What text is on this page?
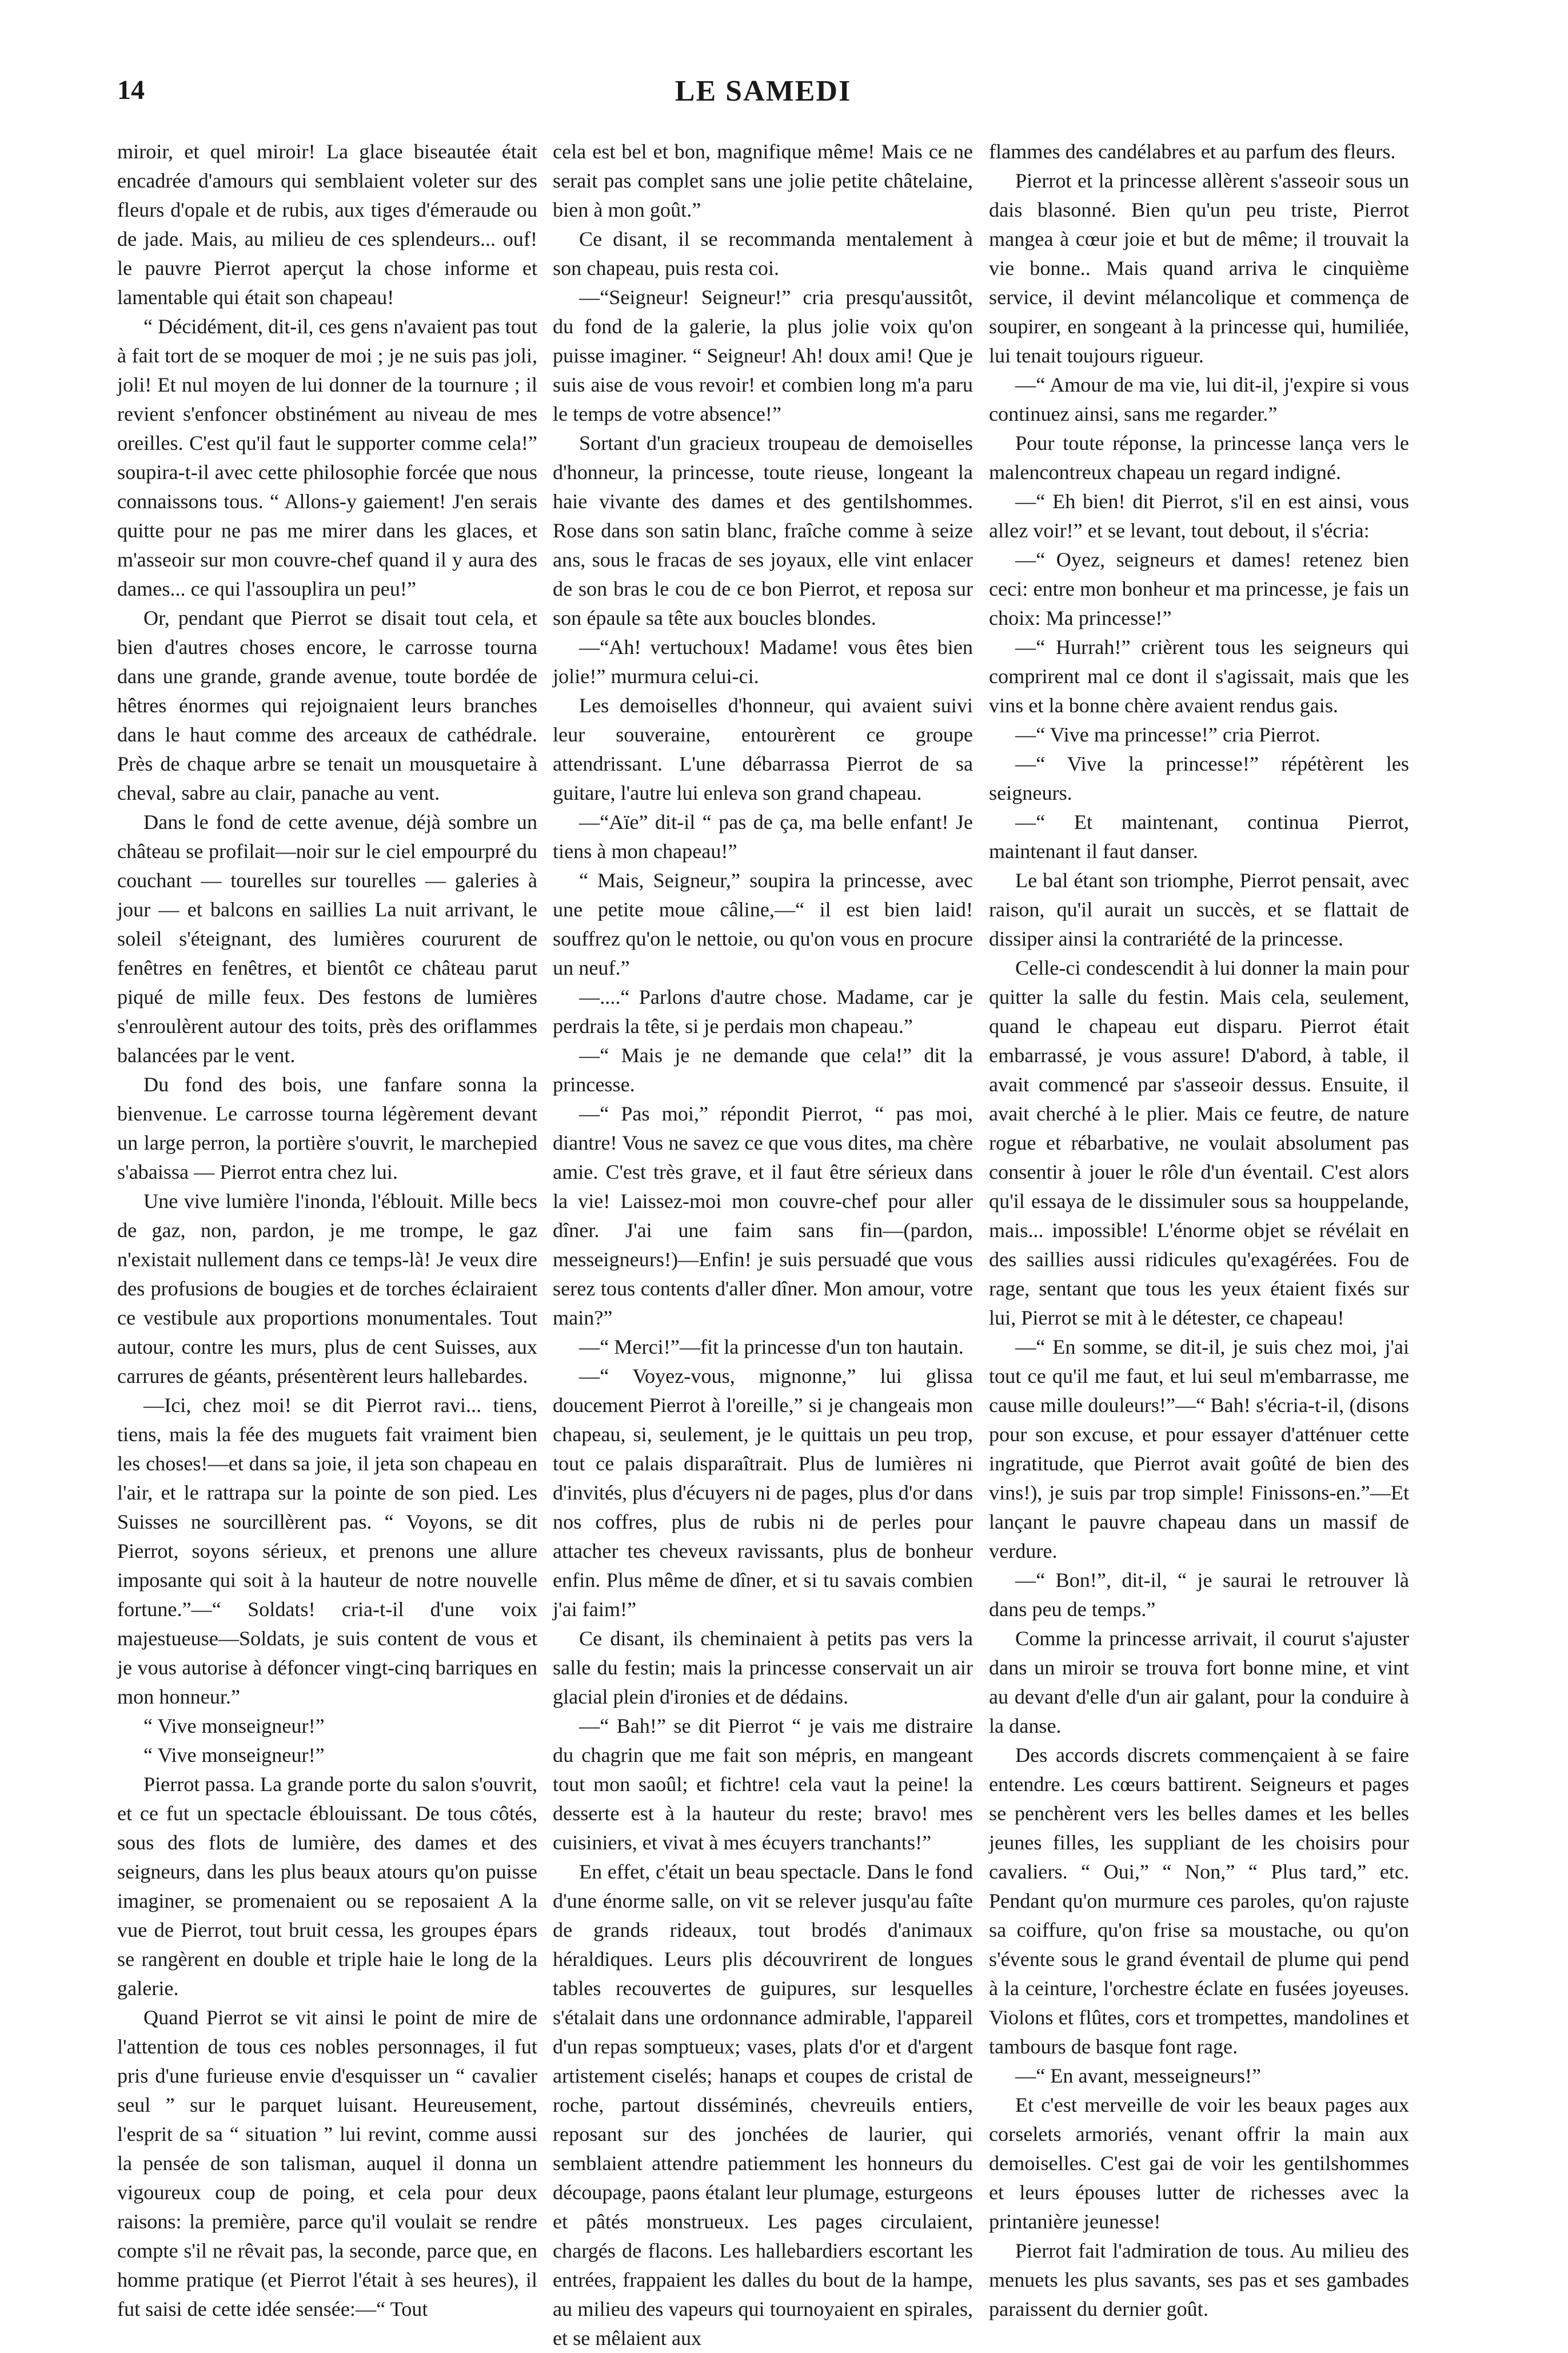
14	LE SAMEDI

miroir, et quel miroir! La glace biseautée était encadrée d'amours qui semblaient voleter sur des fleurs d'opale et de rubis, aux tiges d'émeraude ou de jade. Mais, au milieu de ces splendeurs... ouf! le pauvre Pierrot aperçut la chose informe et lamentable qui était son chapeau!

“ Décidément, dit-il, ces gens n'avaient pas tout à fait tort de se moquer de moi ; je ne suis pas joli, joli! Et nul moyen de lui donner de la tournure ; il revient s'enfoncer obstinément au niveau de mes oreilles. C'est qu'il faut le supporter comme cela!” soupira-t-il avec cette philosophie forcée que nous connaissons tous. “ Allons-y gaiement! J'en serais quitte pour ne pas me mirer dans les glaces, et m'asseoir sur mon couvre-chef quand il y aura des dames... ce qui l'assouplira un peu!”

Or, pendant que Pierrot se disait tout cela, et bien d'autres choses encore, le carrosse tourna dans une grande, grande avenue, toute bordée de hêtres énormes qui rejoignaient leurs branches dans le haut comme des arceaux de cathédrale. Près de chaque arbre se tenait un mousquetaire à cheval, sabre au clair, panache au vent.

Dans le fond de cette avenue, déjà sombre un château se profilait—noir sur le ciel empourpré du couchant — tourelles sur tourelles — galeries à jour — et balcons en saillies La nuit arrivant, le soleil s'éteignant, des lumières coururent de fenêtres en fenêtres, et bientôt ce château parut piqué de mille feux. Des festons de lumières s'enroulèrent autour des toits, près des oriflammes balancées par le vent.

Du fond des bois, une fanfare sonna la bienvenue. Le carrosse tourna légèrement devant un large perron, la portière s'ouvrit, le marchepied s'abaissa — Pierrot entra chez lui.

Une vive lumière l'inonda, l'éblouit. Mille becs de gaz, non, pardon, je me trompe, le gaz n'existait nullement dans ce temps-là! Je veux dire des profusions de bougies et de torches éclairaient ce vestibule aux proportions monumentales. Tout autour, contre les murs, plus de cent Suisses, aux carrures de géants, présentèrent leurs hallebardes.

—Ici, chez moi! se dit Pierrot ravi... tiens, tiens, mais la fée des muguets fait vraiment bien les choses!—et dans sa joie, il jeta son chapeau en l'air, et le rattrapa sur la pointe de son pied. Les Suisses ne sourcillèrent pas. “ Voyons, se dit Pierrot, soyons sérieux, et prenons une allure imposante qui soit à la hauteur de notre nouvelle fortune.”—“ Soldats! cria-t-il d'une voix majestueuse—Soldats, je suis content de vous et je vous autorise à défoncer vingt-cinq barriques en mon honneur.”

“ Vive monseigneur!”

“ Vive monseigneur!”

Pierrot passa. La grande porte du salon s'ouvrit, et ce fut un spectacle éblouissant. De tous côtés, sous des flots de lumière, des dames et des seigneurs, dans les plus beaux atours qu'on puisse imaginer, se promenaient ou se reposaient A la vue de Pierrot, tout bruit cessa, les groupes épars se rangèrent en double et triple haie le long de la galerie.

Quand Pierrot se vit ainsi le point de mire de l'attention de tous ces nobles personnages, il fut pris d'une furieuse envie d'esquisser un “ cavalier seul ” sur le parquet luisant. Heureusement, l'esprit de sa “ situation ” lui revint, comme aussi la pensée de son talisman, auquel il donna un vigoureux coup de poing, et cela pour deux raisons: la première, parce qu'il voulait se rendre compte s'il ne rêvait pas, la seconde, parce que, en homme pratique (et Pierrot l'était à ses heures), il fut saisi de cette idée sensée:—“ Tout

cela est bel et bon, magnifique même! Mais ce ne serait pas complet sans une jolie petite châtelaine, bien à mon goût.”

Ce disant, il se recommanda mentalement à son chapeau, puis resta coi.

—“Seigneur! Seigneur!” cria presqu'aussitôt, du fond de la galerie, la plus jolie voix qu'on puisse imaginer. “ Seigneur! Ah! doux ami! Que je suis aise de vous revoir! et combien long m'a paru le temps de votre absence!”

Sortant d'un gracieux troupeau de demoiselles d'honneur, la princesse, toute rieuse, longeant la haie vivante des dames et des gentilshommes. Rose dans son satin blanc, fraîche comme à seize ans, sous le fracas de ses joyaux, elle vint enlacer de son bras le cou de ce bon Pierrot, et reposa sur son épaule sa tête aux boucles blondes.

—“Ah! vertuchoux! Madame! vous êtes bien jolie!” murmura celui-ci.

Les demoiselles d'honneur, qui avaient suivi leur souveraine, entourèrent ce groupe attendrissant. L'une débarrassa Pierrot de sa guitare, l'autre lui enleva son grand chapeau.

—“Aïe” dit-il “ pas de ça, ma belle enfant! Je tiens à mon chapeau!”

“ Mais, Seigneur,” soupira la princesse, avec une petite moue câline,—“ il est bien laid! souffrez qu'on le nettoie, ou qu'on vous en procure un neuf.”

—....“ Parlons d'autre chose. Madame, car je perdrais la tête, si je perdais mon chapeau.”

—“ Mais je ne demande que cela!” dit la princesse.

—“ Pas moi,” répondit Pierrot, “ pas moi, diantre! Vous ne savez ce que vous dites, ma chère amie. C'est très grave, et il faut être sérieux dans la vie! Laissez-moi mon couvre-chef pour aller dîner. J'ai une faim sans fin—(pardon, messeigneurs!)—Enfin! je suis persuadé que vous serez tous contents d'aller dîner. Mon amour, votre main?”

—“ Merci!”—fit la princesse d'un ton hautain.

—“ Voyez-vous, mignonne,” lui glissa doucement Pierrot à l'oreille,” si je changeais mon chapeau, si, seulement, je le quittais un peu trop, tout ce palais disparaîtrait. Plus de lumières ni d'invités, plus d'écuyers ni de pages, plus d'or dans nos coffres, plus de rubis ni de perles pour attacher tes cheveux ravissants, plus de bonheur enfin. Plus même de dîner, et si tu savais combien j'ai faim!”

Ce disant, ils cheminaient à petits pas vers la salle du festin; mais la princesse conservait un air glacial plein d'ironies et de dédains.

—“ Bah!” se dit Pierrot “ je vais me distraire du chagrin que me fait son mépris, en mangeant tout mon saoûl; et fichtre! cela vaut la peine! la desserte est à la hauteur du reste; bravo! mes cuisiniers, et vivat à mes écuyers tranchants!”

En effet, c'était un beau spectacle. Dans le fond d'une énorme salle, on vit se relever jusqu'au faîte de grands rideaux, tout brodés d'animaux héraldiques. Leurs plis découvrirent de longues tables recouvertes de guipures, sur lesquelles s'étalait dans une ordonnance admirable, l'appareil d'un repas somptueux; vases, plats d'or et d'argent artistement ciselés; hanaps et coupes de cristal de roche, partout disséminés, chevreuils entiers, reposant sur des jonchées de laurier, qui semblaient attendre patiemment les honneurs du découpage, paons étalant leur plumage, esturgeons et pâtés monstrueux. Les pages circulaient, chargés de flacons. Les hallebardiers escortant les entrées, frappaient les dalles du bout de la hampe, au milieu des vapeurs qui tournoyaient en spirales, et se mêlaient aux

flammes des candélabres et au parfum des fleurs.

Pierrot et la princesse allèrent s'asseoir sous un dais blasonné. Bien qu'un peu triste, Pierrot mangea à cœur joie et but de même; il trouvait la vie bonne.. Mais quand arriva le cinquième service, il devint mélancolique et commença de soupirer, en songeant à la princesse qui, humiliée, lui tenait toujours rigueur.

—“ Amour de ma vie, lui dit-il, j'expire si vous continuez ainsi, sans me regarder.”

Pour toute réponse, la princesse lança vers le malencontreux chapeau un regard indigné.

—“ Eh bien! dit Pierrot, s'il en est ainsi, vous allez voir!” et se levant, tout debout, il s'écria:

—“ Oyez, seigneurs et dames! retenez bien ceci: entre mon bonheur et ma princesse, je fais un choix: Ma princesse!”

—“ Hurrah!” crièrent tous les seigneurs qui comprirent mal ce dont il s'agissait, mais que les vins et la bonne chère avaient rendus gais.

—“ Vive ma princesse!” cria Pierrot.

—“ Vive la princesse!” répétèrent les seigneurs.

—“ Et maintenant, continua Pierrot, maintenant il faut danser.

Le bal étant son triomphe, Pierrot pensait, avec raison, qu'il aurait un succès, et se flattait de dissiper ainsi la contrariété de la princesse.

Celle-ci condescendit à lui donner la main pour quitter la salle du festin. Mais cela, seulement, quand le chapeau eut disparu. Pierrot était embarrassé, je vous assure! D'abord, à table, il avait commencé par s'asseoir dessus. Ensuite, il avait cherché à le plier. Mais ce feutre, de nature rogue et rébarbative, ne voulait absolument pas consentir à jouer le rôle d'un éventail. C'est alors qu'il essaya de le dissimuler sous sa houppelande, mais... impossible! L'énorme objet se révélait en des saillies aussi ridicules qu'exagérées. Fou de rage, sentant que tous les yeux étaient fixés sur lui, Pierrot se mit à le détester, ce chapeau!

—“ En somme, se dit-il, je suis chez moi, j'ai tout ce qu'il me faut, et lui seul m'embarrasse, me cause mille douleurs!”—“ Bah! s'écria-t-il, (disons pour son excuse, et pour essayer d'atténuer cette ingratitude, que Pierrot avait goûté de bien des vins!), je suis par trop simple! Finissons-en.”—Et lançant le pauvre chapeau dans un massif de verdure.

—“ Bon!”, dit-il, “ je saurai le retrouver là dans peu de temps.”

Comme la princesse arrivait, il courut s'ajuster dans un miroir se trouva fort bonne mine, et vint au devant d'elle d'un air galant, pour la conduire à la danse.

Des accords discrets commençaient à se faire entendre. Les cœurs battirent. Seigneurs et pages se penchèrent vers les belles dames et les belles jeunes filles, les suppliant de les choisirs pour cavaliers. “ Oui,” “ Non,” “ Plus tard,” etc. Pendant qu'on murmure ces paroles, qu'on rajuste sa coiffure, qu'on frise sa moustache, ou qu'on s'évente sous le grand éventail de plume qui pend à la ceinture, l'orchestre éclate en fusées joyeuses. Violons et flûtes, cors et trompettes, mandolines et tambours de basque font rage.

—“ En avant, messeigneurs!”

Et c'est merveille de voir les beaux pages aux corselets armoriés, venant offrir la main aux demoiselles. C'est gai de voir les gentilshommes et leurs épouses lutter de richesses avec la printanière jeunesse!

Pierrot fait l'admiration de tous. Au milieu des menuets les plus savants, ses pas et ses gambades paraissent du dernier goût.
